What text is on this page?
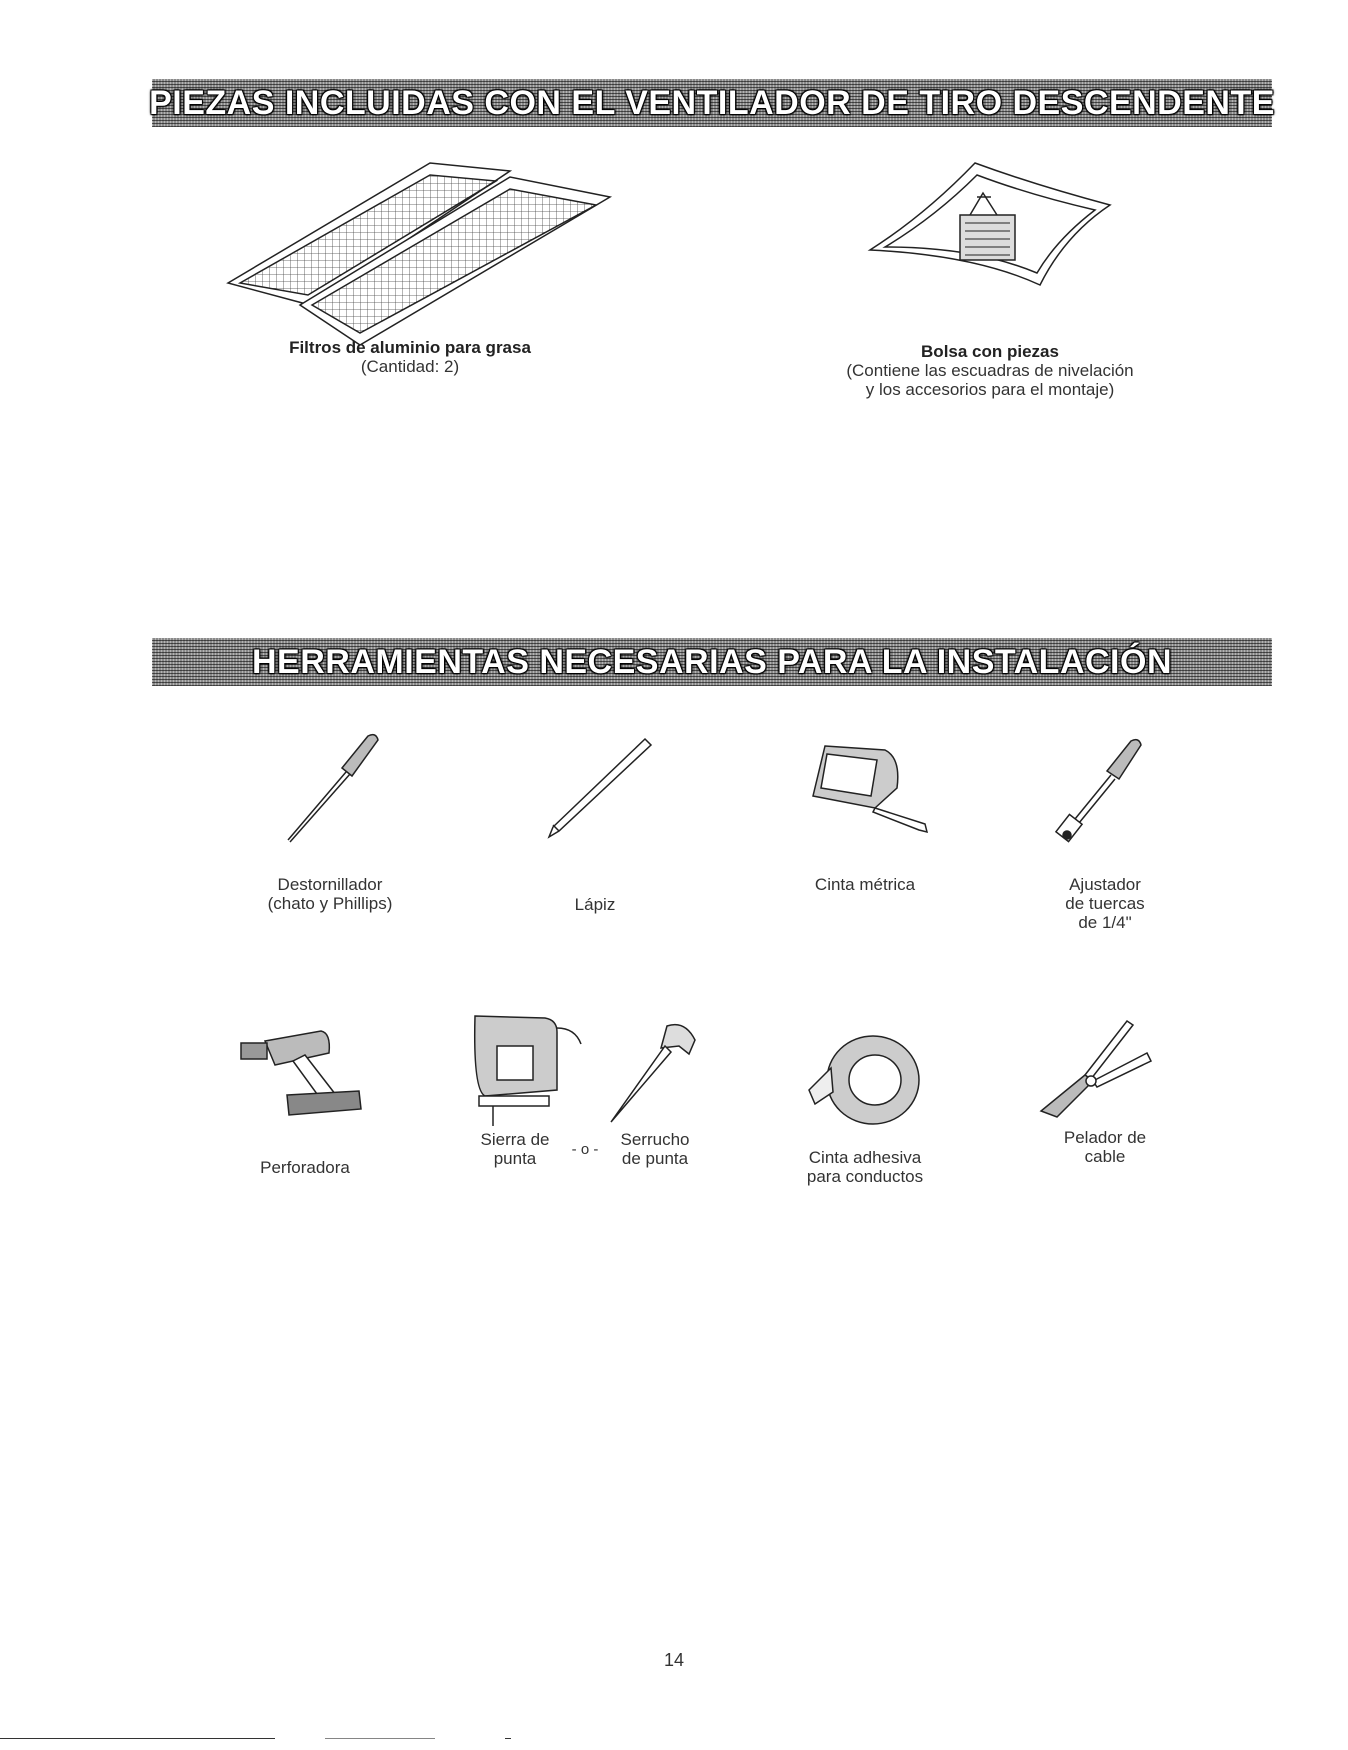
PIEZAS INCLUIDAS CON EL VENTILADOR DE TIRO DESCENDENTE
HERRAMIENTAS NECESARIAS PARA LA INSTALACIÓN
Filtros de aluminio para grasa
(Cantidad: 2)
Bolsa con piezas
(Contiene las escuadras de nivelación
y los accesorios para el montaje)
Destornillador
(chato y Phillips)	Lápiz
Cinta métrica	Ajustador
de tuercas
de 1/4"
Perforadora
Sierra de
punta	- o -
Serrucho
de punta	Cinta adhesiva
para conductos
Pelador de
cable
14
